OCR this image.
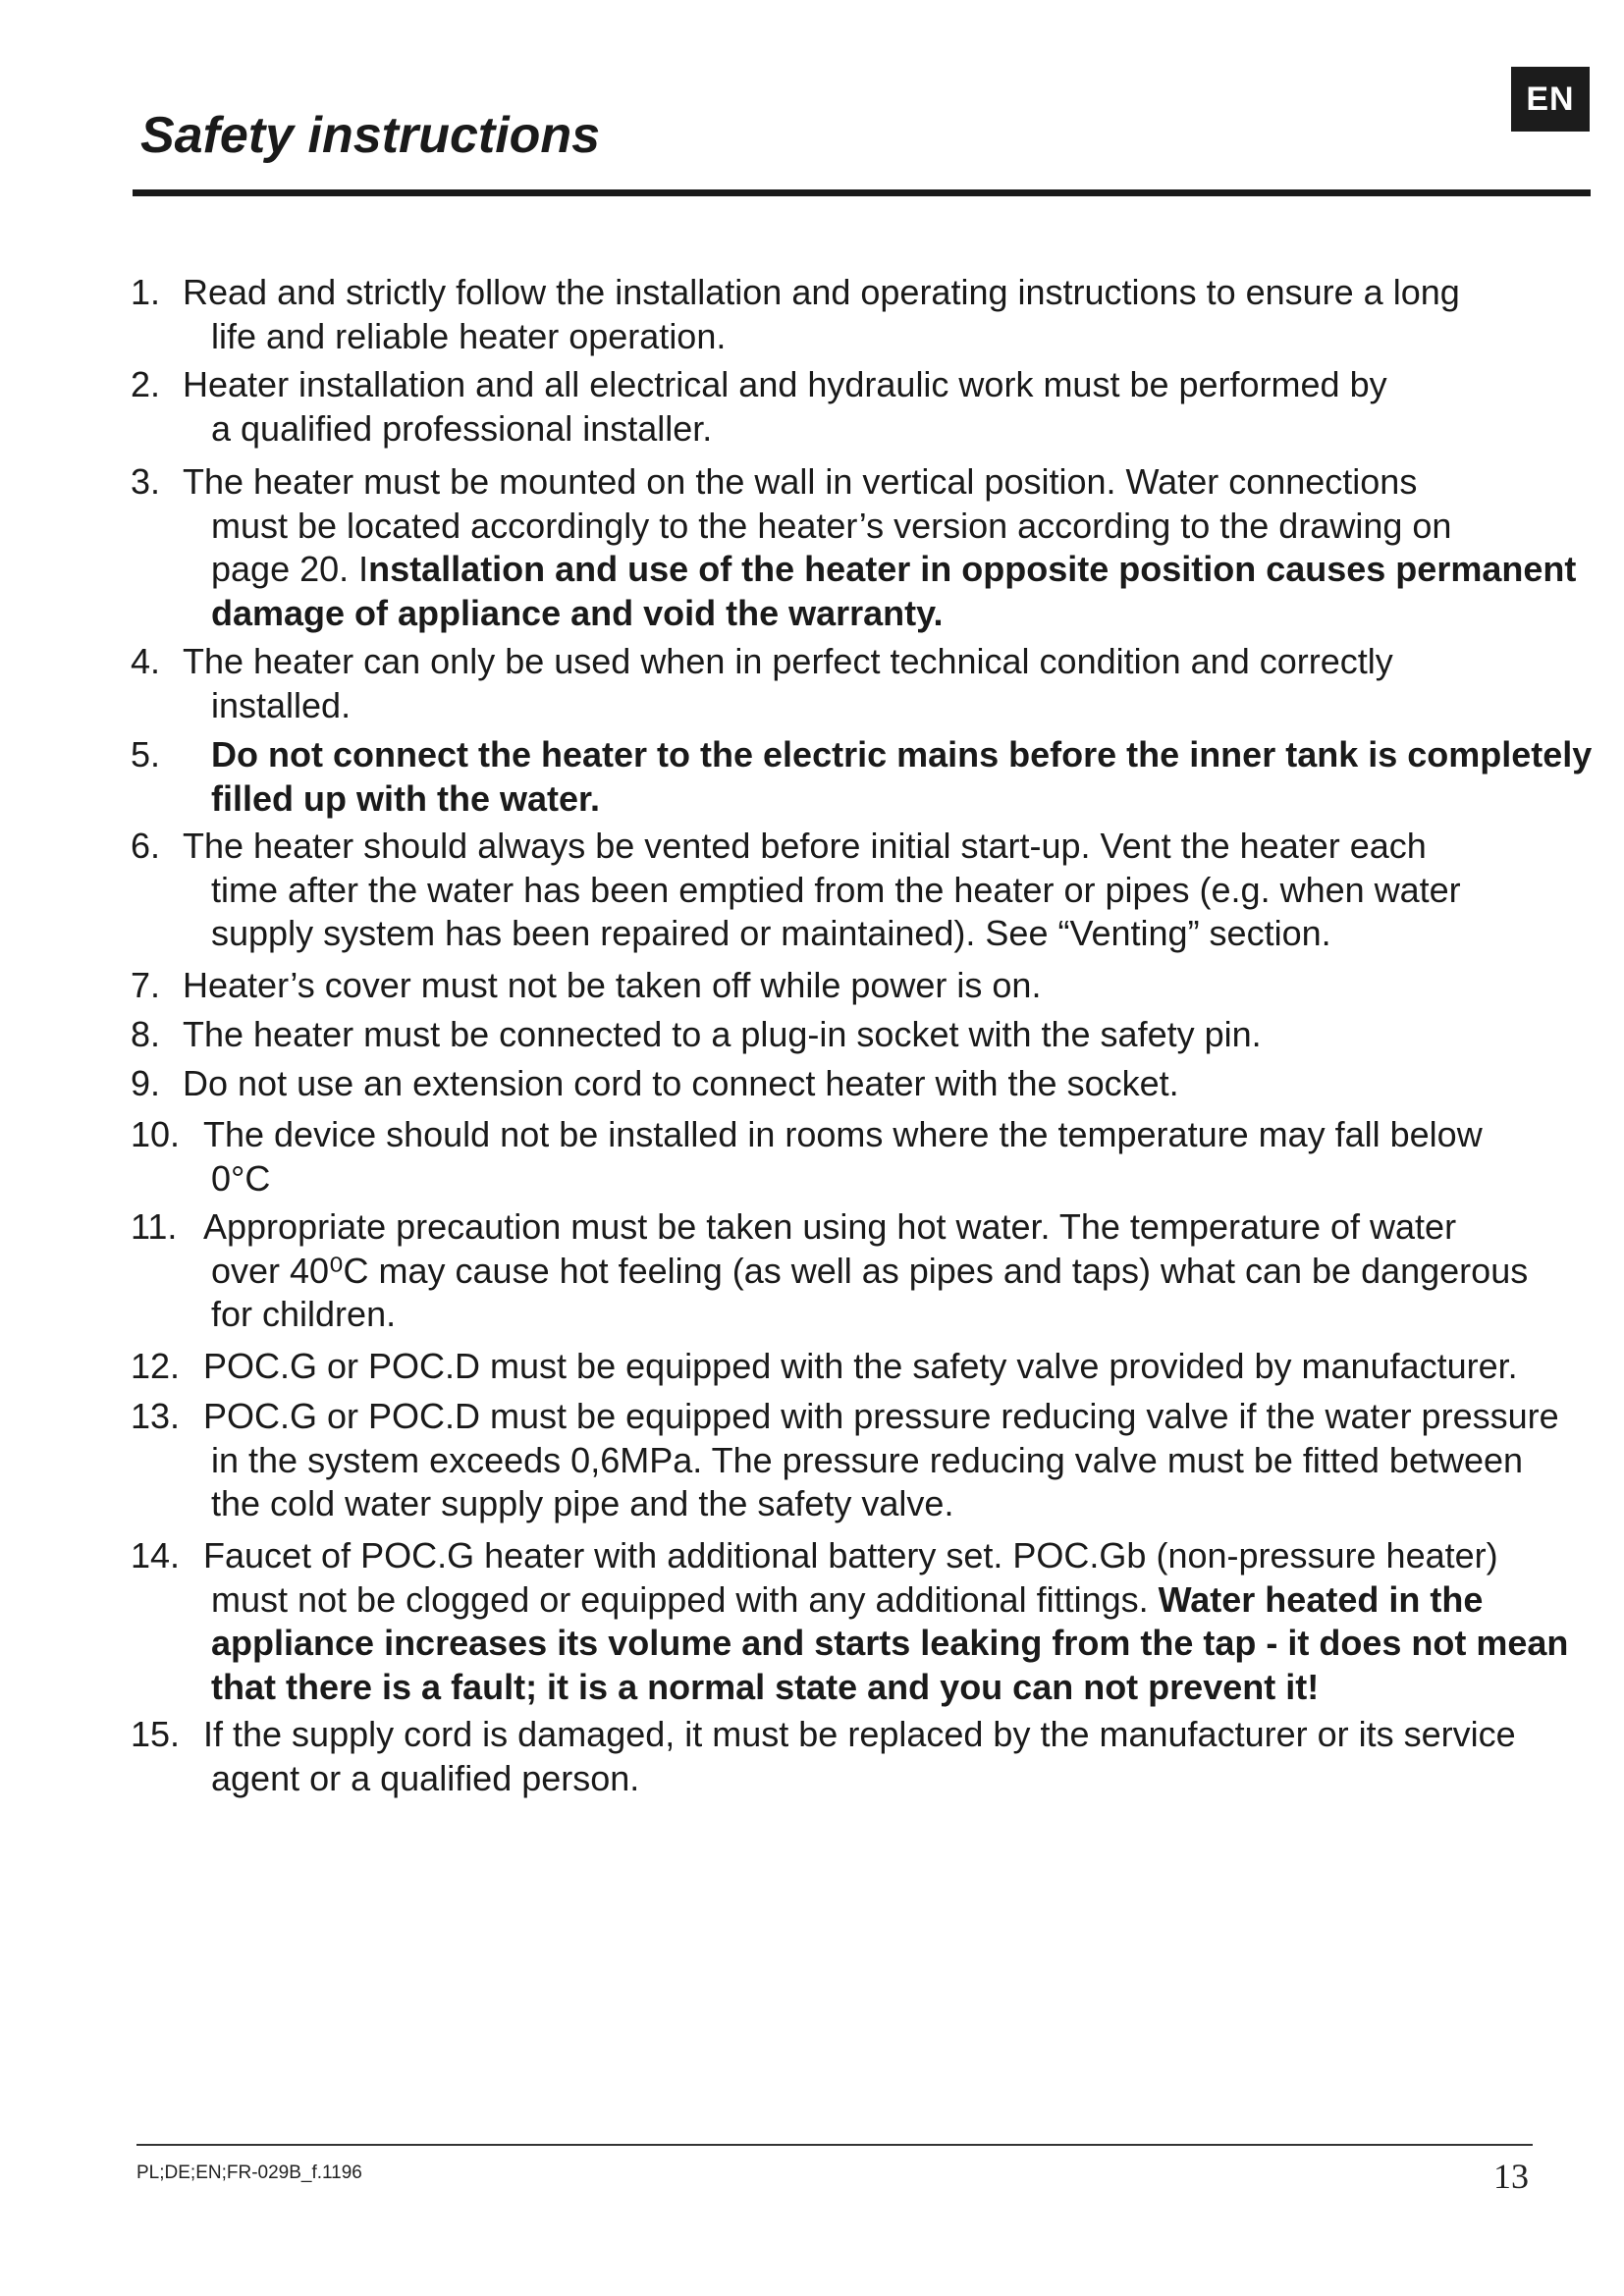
EN
Safety instructions
1. Read and strictly follow the installation and operating instructions to ensure a long
life and reliable heater operation.
2. Heater installation and all electrical and hydraulic work must be performed by
a qualified professional installer.
3. The heater must be mounted on the wall in vertical position. Water connections
must be located accordingly to the heater’s version according to the drawing on
page 20. Installation and use of the heater in opposite position causes permanent
damage of appliance and void the warranty.
4. The heater can only be used when in perfect technical condition and correctly
installed.
5.	Do not connect the heater to the electric mains before the inner tank is completely
filled up with the water.
6. The heater should always be vented before initial start-up. Vent the heater each
time after the water has been emptied from the heater or pipes (e.g. when water
supply system has been repaired or maintained). See “Venting” section.
7. Heater’s cover must not be taken off while power is on.
8. The heater must be connected to a plug-in socket with the safety pin.
9. Do not use an extension cord to connect heater with the socket.
10. The device should not be installed in rooms where the temperature may fall below
0°C
11. Appropriate precaution must be taken using hot water. The temperature of water
over 40⁰C may cause hot feeling (as well as pipes and taps) what can be dangerous
for children.
12. POC.G or POC.D must be equipped with the safety valve provided by manufacturer.
13. POC.G or POC.D must be equipped with pressure reducing valve if the water pressure
in the system exceeds 0,6MPa. The pressure reducing valve must be fitted between
the cold water supply pipe and the safety valve.
14. Faucet of POC.G heater with additional battery set. POC.Gb (non-pressure heater)
must not be clogged or equipped with any additional fittings. Water heated in the
appliance increases its volume and starts leaking from the tap - it does not mean
that there is a fault; it is a normal state and you can not prevent it!
15. If the supply cord is damaged, it must be replaced by the manufacturer or its service
agent or a qualified person.
PL;DE;EN;FR-029B_f.1196	13
